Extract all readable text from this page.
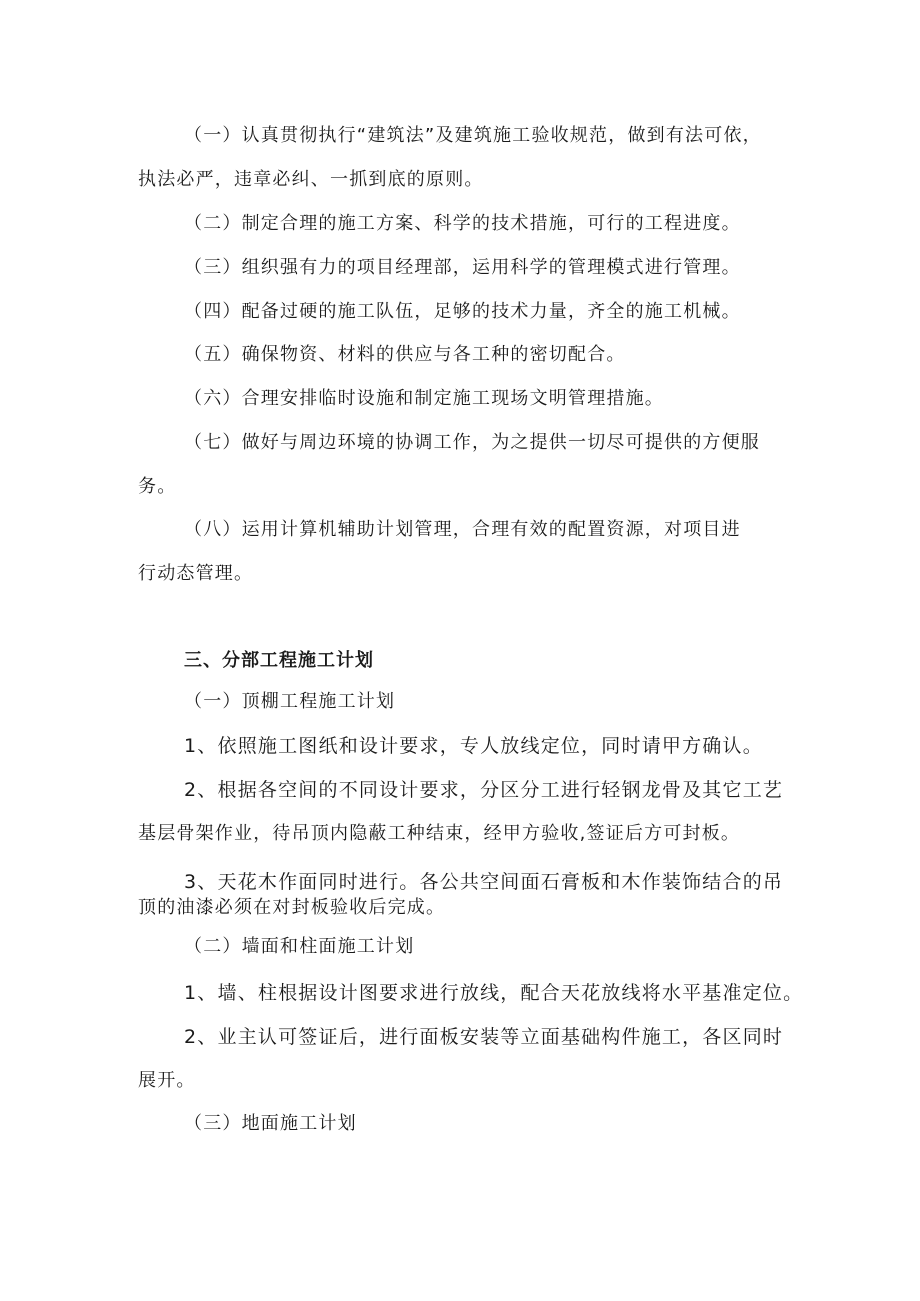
（一）认真贯彻执行“建筑法”及建筑施工验收规范，做到有法可依，
执法必严，违章必纠、一抓到底的原则。
（二）制定合理的施工方案、科学的技术措施，可行的工程进度。
（三）组织强有力的项目经理部，运用科学的管理模式进行管理。
（四）配备过硬的施工队伍，足够的技术力量，齐全的施工机械。
（五）确保物资、材料的供应与各工种的密切配合。
（六）合理安排临时设施和制定施工现场文明管理措施。
（七）做好与周边环境的协调工作，为之提供一切尽可提供的方便服
务。
（八）运用计算机辅助计划管理，合理有效的配置资源，对项目进
行动态管理。
三、分部工程施工计划
（一）顶棚工程施工计划
1、依照施工图纸和设计要求，专人放线定位，同时请甲方确认。
2、根据各空间的不同设计要求，分区分工进行轻钢龙骨及其它工艺
基层骨架作业，待吊顶内隐蔽工种结束，经甲方验收,签证后方可封板。
3、天花木作面同时进行。各公共空间面石膏板和木作装饰结合的吊
顶的油漆必须在对封板验收后完成。
（二）墙面和柱面施工计划
1、墙、柱根据设计图要求进行放线，配合天花放线将水平基准定位。
2、业主认可签证后，进行面板安装等立面基础构件施工，各区同时
展开。
（三）地面施工计划
